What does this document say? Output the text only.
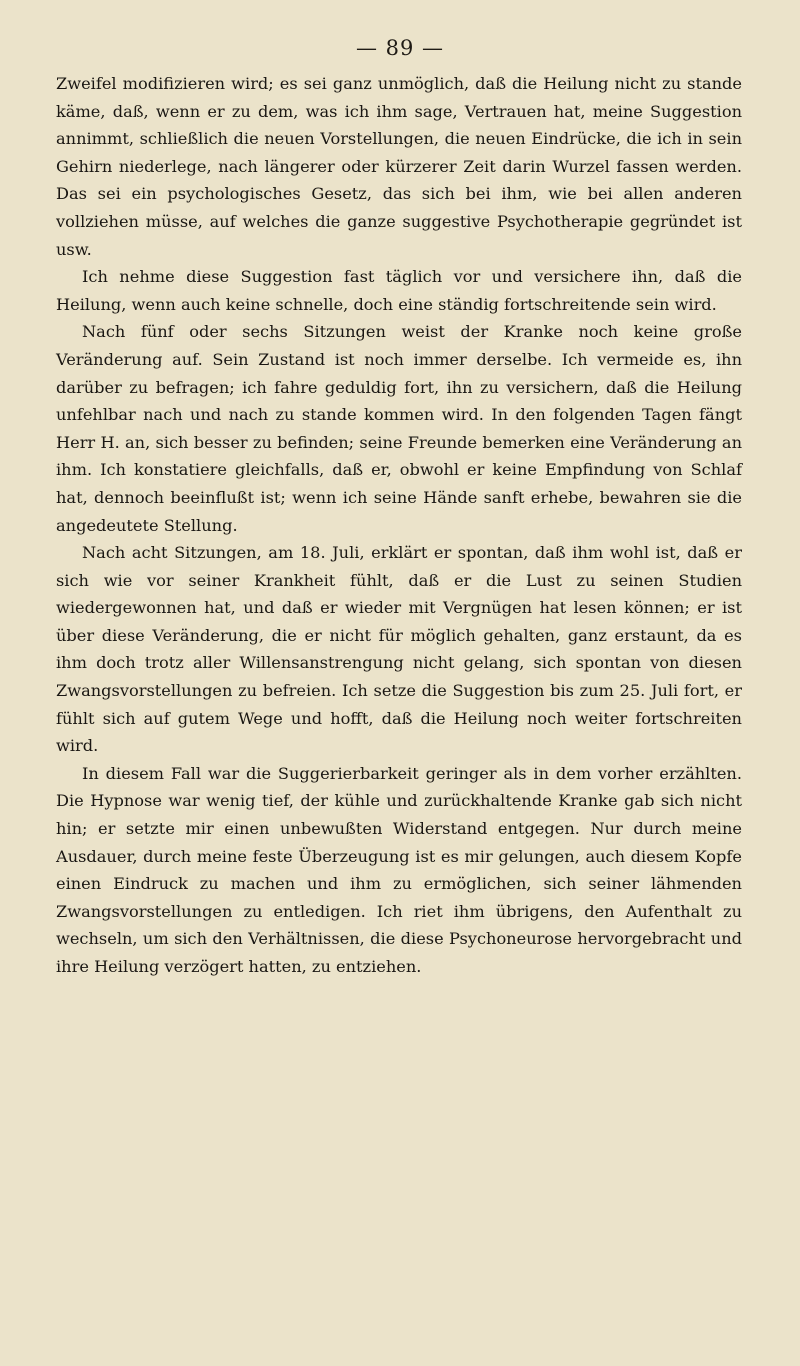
— 89 —

Zweifel modifizieren wird; es sei ganz unmöglich, daß die Heilung nicht zu stande käme, daß, wenn er zu dem, was ich ihm sage, Vertrauen hat, meine Suggestion annimmt, schließlich die neuen Vorstellungen, die neuen Eindrücke, die ich in sein Gehirn niederlege, nach längerer oder kürzerer Zeit darin Wurzel fassen werden. Das sei ein psychologisches Gesetz, das sich bei ihm, wie bei allen anderen vollziehen müsse, auf welches die ganze suggestive Psychotherapie gegründet ist usw.

Ich nehme diese Suggestion fast täglich vor und versichere ihn, daß die Heilung, wenn auch keine schnelle, doch eine ständig fortschreitende sein wird.

Nach fünf oder sechs Sitzungen weist der Kranke noch keine große Veränderung auf. Sein Zustand ist noch immer derselbe. Ich vermeide es, ihn darüber zu befragen; ich fahre geduldig fort, ihn zu versichern, daß die Heilung unfehlbar nach und nach zu stande kommen wird. In den folgenden Tagen fängt Herr H. an, sich besser zu befinden; seine Freunde bemerken eine Veränderung an ihm. Ich konstatiere gleichfalls, daß er, obwohl er keine Empfindung von Schlaf hat, dennoch beeinflußt ist; wenn ich seine Hände sanft erhebe, bewahren sie die angedeutete Stellung.

Nach acht Sitzungen, am 18. Juli, erklärt er spontan, daß ihm wohl ist, daß er sich wie vor seiner Krankheit fühlt, daß er die Lust zu seinen Studien wiedergewonnen hat, und daß er wieder mit Vergnügen hat lesen können; er ist über diese Veränderung, die er nicht für möglich gehalten, ganz erstaunt, da es ihm doch trotz aller Willensanstrengung nicht gelang, sich spontan von diesen Zwangsvorstellungen zu befreien. Ich setze die Suggestion bis zum 25. Juli fort, er fühlt sich auf gutem Wege und hofft, daß die Heilung noch weiter fortschreiten wird.

In diesem Fall war die Suggerierbarkeit geringer als in dem vorher erzählten. Die Hypnose war wenig tief, der kühle und zurückhaltende Kranke gab sich nicht hin; er setzte mir einen unbewußten Widerstand entgegen. Nur durch meine Ausdauer, durch meine feste Überzeugung ist es mir gelungen, auch diesem Kopfe einen Eindruck zu machen und ihm zu ermöglichen, sich seiner lähmenden Zwangsvorstellungen zu entledigen. Ich riet ihm übrigens, den Aufenthalt zu wechseln, um sich den Verhältnissen, die diese Psychoneurose hervorgebracht und ihre Heilung verzögert hatten, zu entziehen.
